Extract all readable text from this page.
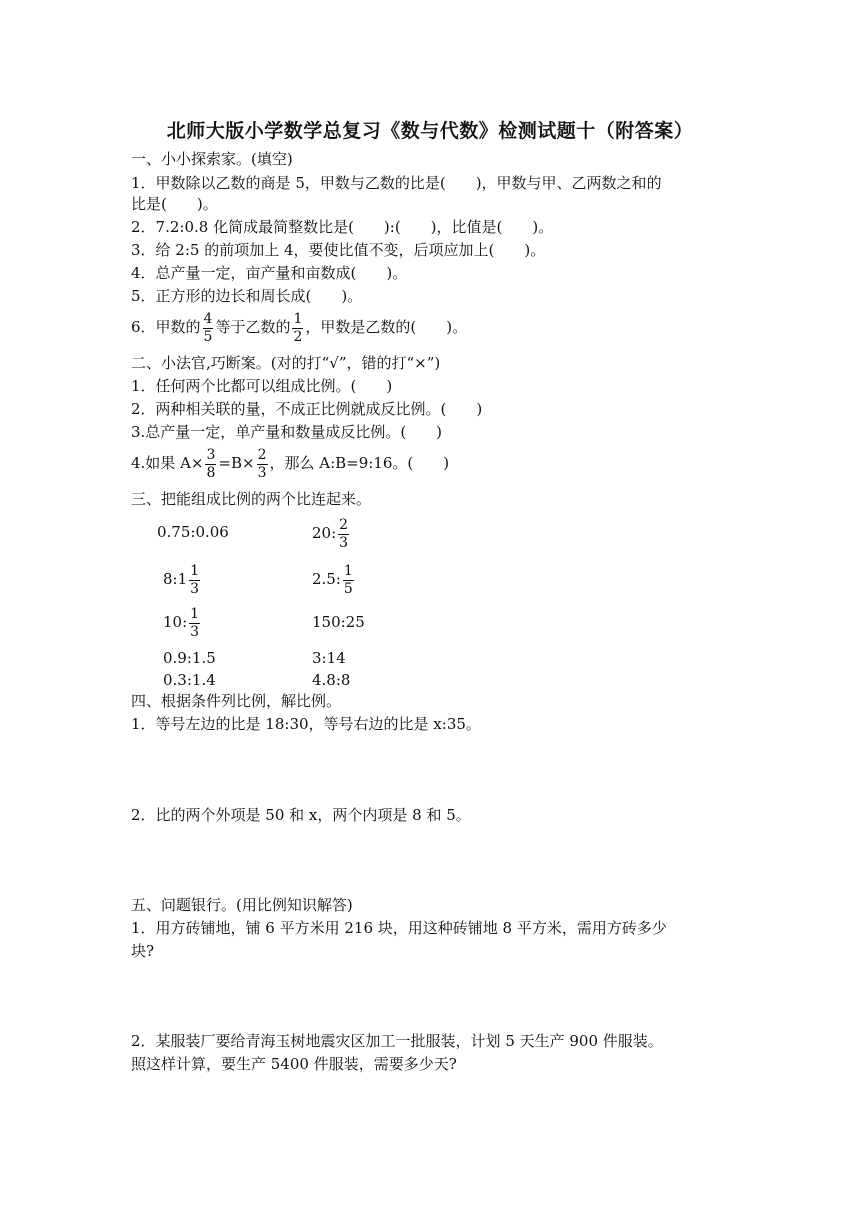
北师大版小学数学总复习《数与代数》检测试题十（附答案）
一、小小探索家。(填空)
1．甲数除以乙数的商是 5，甲数与乙数的比是(　　)，甲数与甲、乙两数之和的
比是(　　)。
2．7.2:0.8 化简成最简整数比是(　　):(　　)，比值是(　　)。
3．给 2:5 的前项加上 4，要使比值不变，后项应加上(　　)。
4．总产量一定，亩产量和亩数成(　　)。
5．正方形的边长和周长成(　　)。
6．甲数的 $\frac{4}{5}$ 等于乙数的 $\frac{1}{2}$ ，甲数是乙数的(　　)。
二、小法官,巧断案。(对的打“√”，错的打“×”)
1．任何两个比都可以组成比例。(　　)
2．两种相关联的量，不成正比例就成反比例。(　　)
3.总产量一定，单产量和数量成反比例。(　　)
4.如果 $A\times \frac{3}{8} =B\times \frac{2}{3}$ ，那么 A:B=9:16。(　　)
三、把能组成比例的两个比连起来。
0.75:0.06
8:1 $\frac{1}{3}$
10: $\frac{1}{3}$
0.9:1.5
0.3:1.4
20: $\frac{2}{3}$
2.5: $\frac{1}{5}$
150:25
3:14
4.8:8
四、根据条件列比例，解比例。
1．等号左边的比是 18:30，等号右边的比是 x:35。
2．比的两个外项是 50 和 x，两个内项是 8 和 5。
五、问题银行。(用比例知识解答)
1．用方砖铺地，铺 6 平方米用 216 块，用这种砖铺地 8 平方米，需用方砖多少
块?
2．某服装厂要给青海玉树地震灾区加工一批服装，计划 5 天生产 900 件服装。
照这样计算，要生产 5400 件服装，需要多少天?
